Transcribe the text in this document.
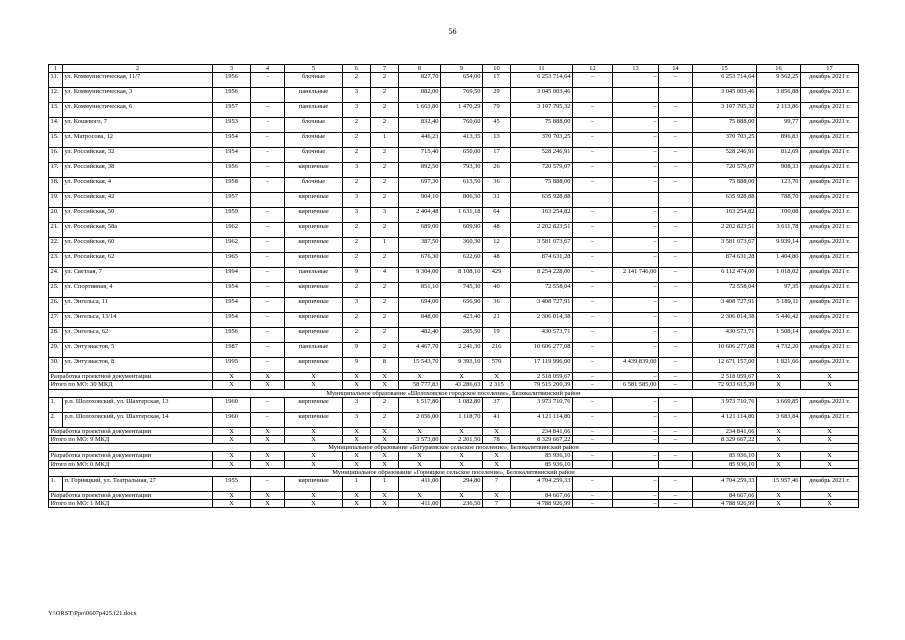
56
1	2	3	4	5	6	7	8	9	10	11	12	13	14	15	16	17
11.	ул. Коммунистическая, 11/7	1956	-	блочные	2	2	827,70	654,00	17	6 253 714,64	–	–	–	6 253 714,64	9 562,25	декабрь 2021 г.
12.	ул. Коммунистическая, 3	1956		панельные	3	2	882,00	769,50	29	3 045 003,46				3 045 003,46	3 856,88	декабрь 2021 г.
13.	ул. Коммунистическая, 6	1957	–	панельные	3	2	1 663,80	1 470,29	79	3 107 795,32	–	–	–	3 107 795,32	2 113,86	декабрь 2021 г.
14.	ул. Кошевого, 7	1953	-	блочные	2	2	832,40	760,60	45	75 888,00	–	–	–	75 888,00	99,77	декабрь 2021 г.
15.	ул. Матросова, 12	1954	–	блочные	2	1	446,23	413,35	13	370 703,25	–	–	–	370 703,25	896,83	декабрь 2021 г.
16.	ул. Российская, 32	1954	-	блочные	2	2	715,40	650,00	17	528 246,91	–	–	–	528 246,91	812,69	декабрь 2021 г.
17.	ул. Российская, 38	1956	–	кирпичные	3	2	892,50	793,30	26	720 579,07	–	–	–	720 579,07	908,33	декабрь 2021 г.
18.	ул. Российская, 4	1958	-	блочные	2	2	697,30	613,50	36	75 888,00	–	–	–	75 888,00	123,70	декабрь 2021 г.
19.	ул. Российская, 42	1957		кирпичные	3	2	904,10	806,30	31	635 928,88				635 928,88	788,70	декабрь 2021 г.
20.	ул. Российская, 50	1959	–	кирпичные	3	3	2 404,48	1 631,18	64	163 254,82	–	–	–	163 254,82	100,08	декабрь 2021 г.
21.	ул. Российская, 58а	1962	–	кирпичные	2	2	689,00	609,90	48	2 202 823,51	–	–	–	2 202 823,51	3 611,78	декабрь 2021 г.
22.	ул. Российская, 60	1962	–	кирпичные	2	1	387,50	360,30	12	3 581 073,67	–	–	–	3 581 073,67	9 939,14	декабрь 2021 г.
23.	ул. Российская, 62	1965	–	кирпичные	2	2	676,30	622,60	48	874 631,28	–	–	–	874 631,28	1 404,80	декабрь 2021 г.
24.	ул. Светлая, 7	1994	–	панельные	9	4	9 304,00	8 108,10	429	8 254 228,00	–	2 141 746,00	–	6 112 474,00	1 018,02	декабрь 2021 г.
25.	ул. Спортивная, 4	1954	–	кирпичные	2	2	851,10	745,30	40	72 558,04	–	–	–	72 558,04	97,35	декабрь 2021 г.
26.	ул. Энгельса, 11	1954	–	кирпичные	3	2	694,00	656,90	36	3 408 727,91	–	–	–	3 408 727,91	5 189,11	декабрь 2021 г.
27.	ул. Энгельса, 13/14	1954	–	кирпичные	2	2	848,00	423,40	21	2 306 014,38	–	–	–	2 306 014,38	5 446,42	декабрь 2021 г.
28.	ул. Энгельса, 62	1956	–	кирпичные	2	2	482,40	285,50	19	430 573,71	–	–	–	430 573,71	1 508,14	декабрь 2021 г.
29.	ул. Энтузиастов, 5	1987	–	панельные	9	2	4 467,70	2 241,30	216	10 606 277,08	–	–	–	10 606 277,08	4 732,20	декабрь 2021 г.
30.	ул. Энтузиастов, 8	1995	–	кирпичные	9	8	15 543,70	9 393,10	570	17 119 996,00	–	4 439 839,00	–	12 671 157,00	1 821,66	декабрь 2021 г.
Разработка проектной документации		X	X	X	X	X	X	X	X	2 518 059,67	–	–	–	2 518 059,67	X	X
Итого по МО: 30 МКД		X	X	X	X	X	58 777,83	43 286,63	2 315	79 515 200,39	–	6 581 585,00	–	72 933 615,39	X	X
Муниципальное образование «Шолоховское городское поселение», Белокалитвинский район																
1.	р.п. Шолоховский, ул. Шахтерская, 13	1960	–	кирпичные	3	2	1 517,80	1 082,80	37	3 973 710,76	–	–	–	3 973 710,76	3 669,85	декабрь 2021 г.
2.	р.п. Шолоховский, ул. Шахтерская, 14	1960	–	кирпичные	3	2	2 056,00	1 118,70	41	4 121 114,80	–	–	–	4 121 114,80	3 683,84	декабрь 2021 г.
Разработка проектной документации		X	X	X	X	X	X	X	X	234 841,66	–	–	–	234 841,66	X	X
Итого по МО: 9 МКД		X	X	X	X	X	3 573,80	2 201,50	78	8 329 667,22	–	–	–	8 329 667,22	X	X
Муниципальное образование «Богураевское сельское поселение», Белокалитвинский район																
Разработка проектной документации		X	X	X	X	X	X	X	X	85 936,10	–	–	–	85 936,10	X	X
Итого по МО: 0 МКД		X	X	X	X	X	X	X	X	85 936,10				85 936,10	X	X
Муниципальное образование «Горняцкое сельское поселение», Белокалитвинский район																
1.	п. Горняцкий, ул. Театральная, 27	1955	–	кирпичные	1	1	411,00	294,80	7	4 704 259,33	–	–	–	4 704 259,33	15 957,46	декабрь 2021 г.
Разработка проектной документации		X	X	X	X	X	X	X	X	84 667,66	–	–	–	84 667,66	X	X
Итого по МО: 1 МКД		X	X	X	X	X	411,00	236,50	7	4 788 926,99	–	–	–	4 788 926,99	X	X
Y:\ORST\Ppo\0607p425.f21.docx
